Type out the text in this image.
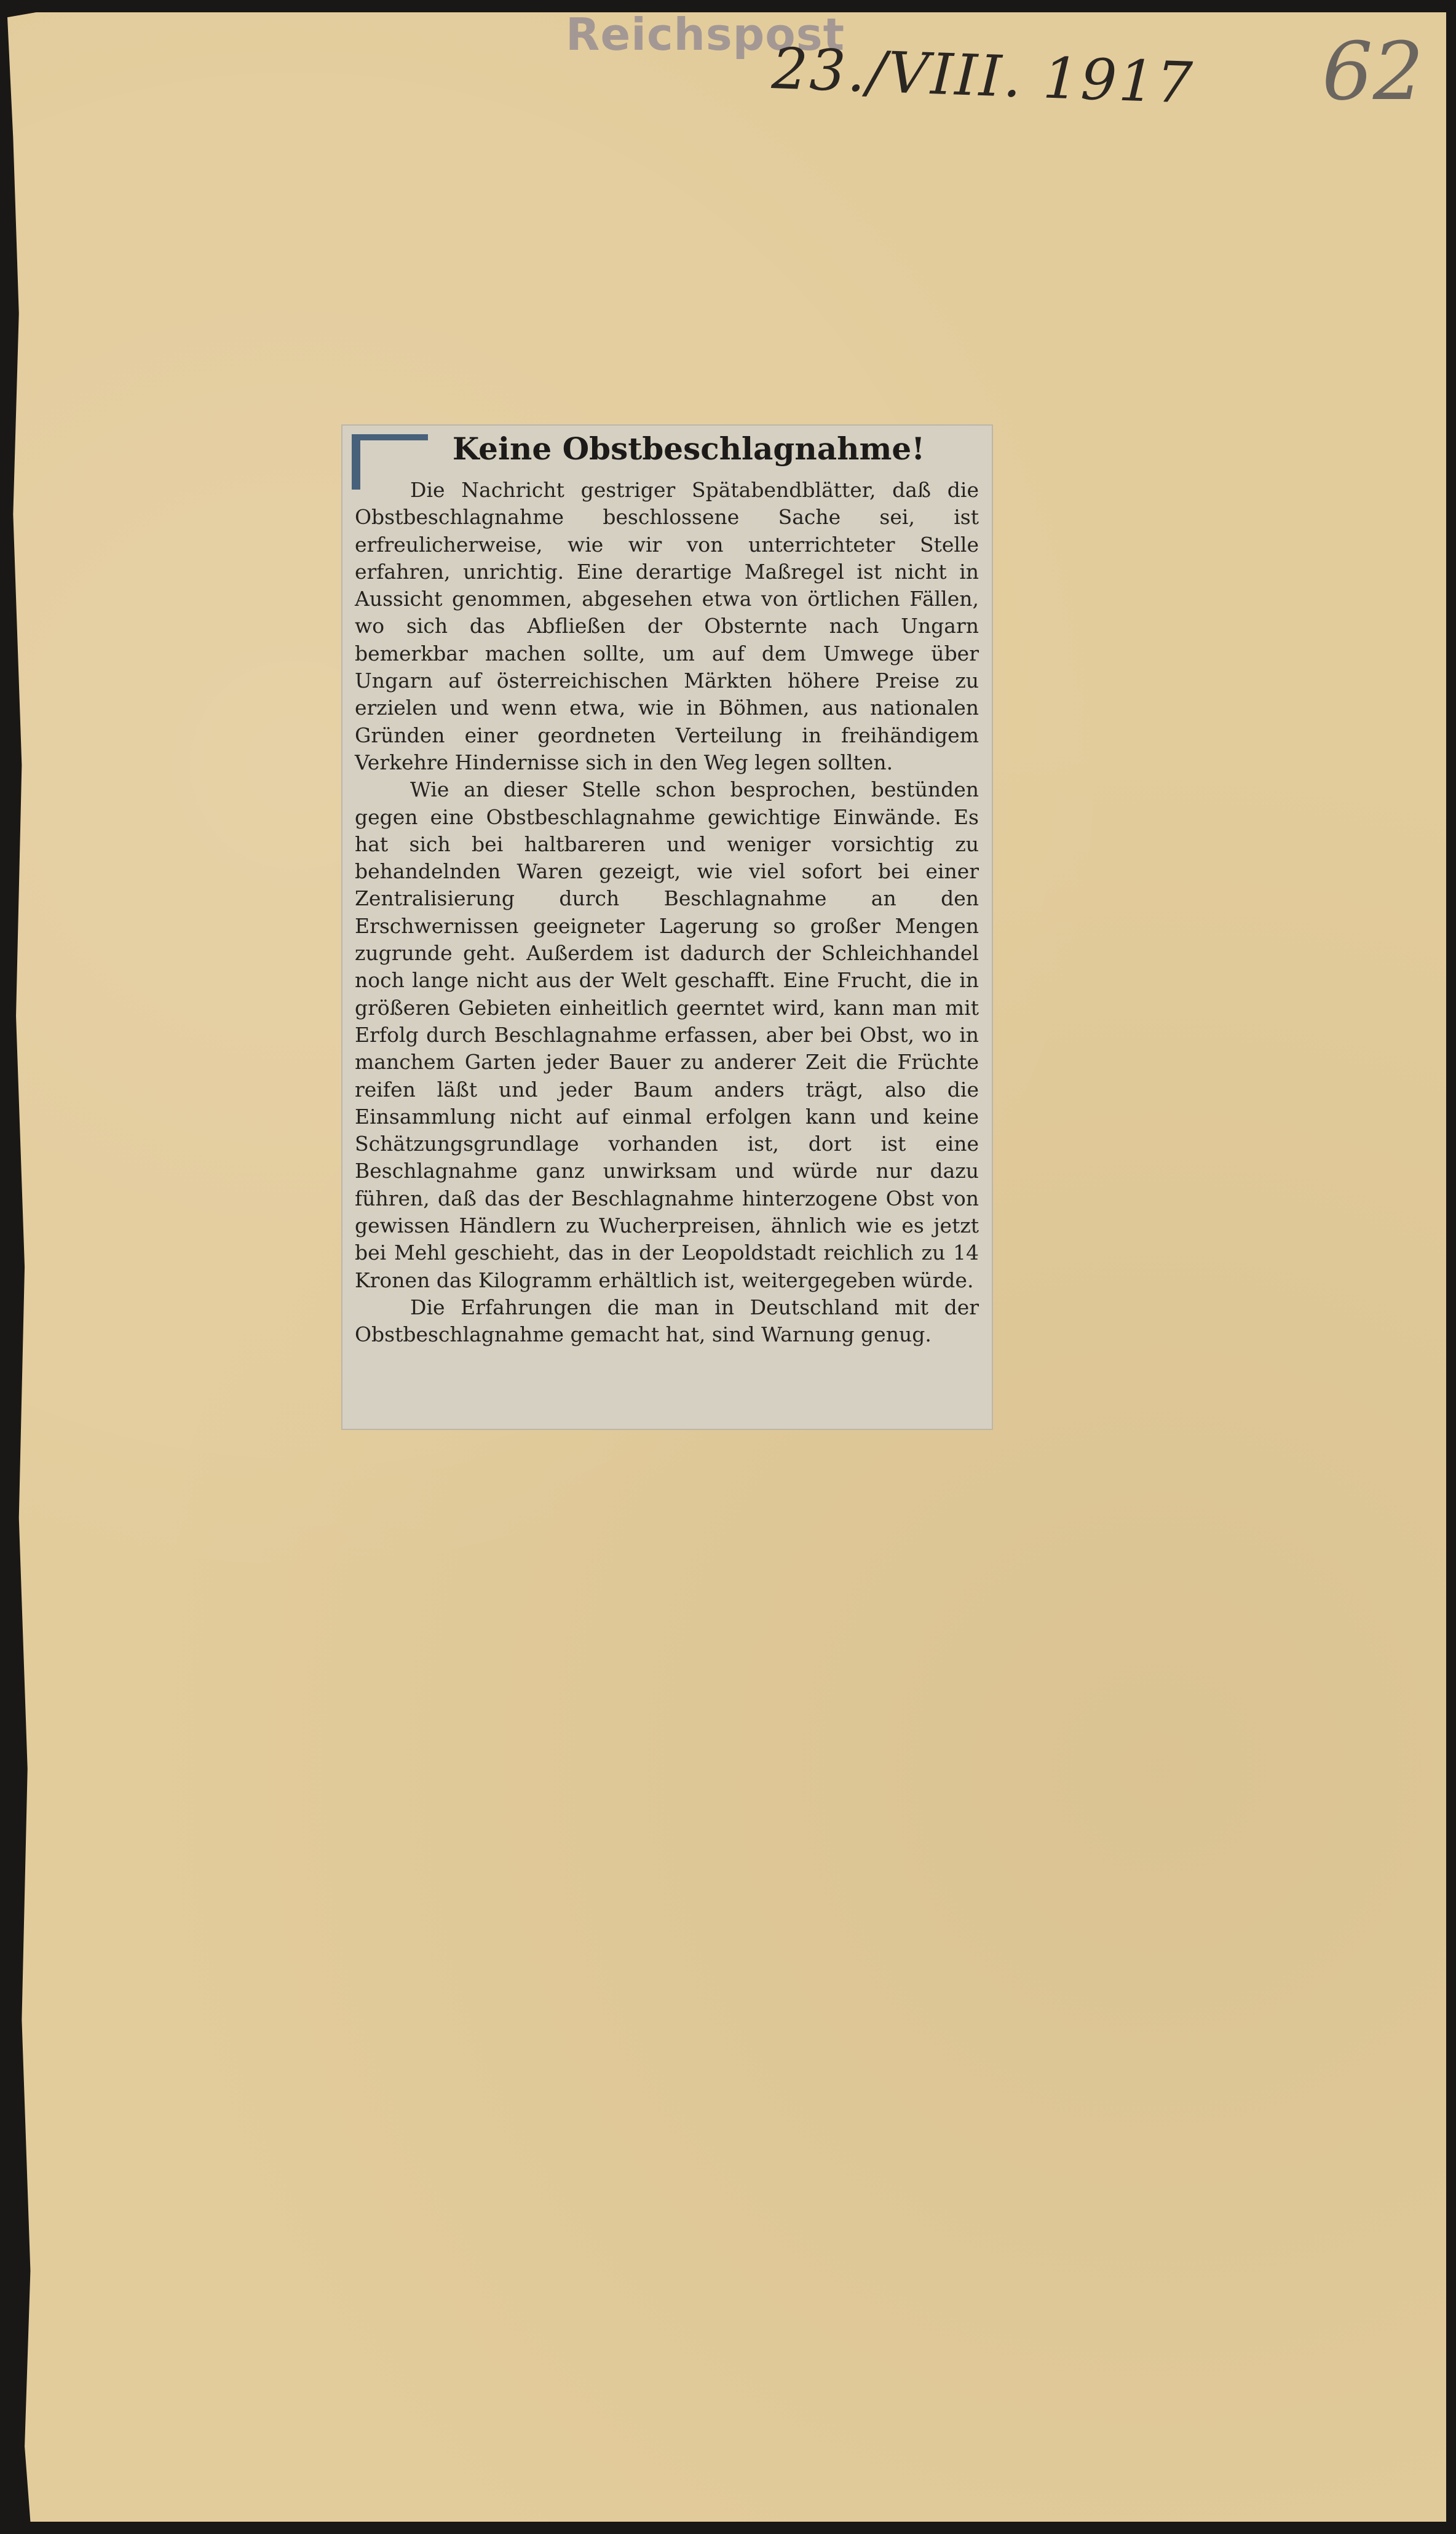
Reichspost
23./VIII. 1917 62
Keine Obstbeschlagnahme!

Die Nachricht gestriger Spätabendblätter, daß die Obstbeschlagnahme beschlossene Sache sei, ist erfreulicherweise, wie wir von unterrichteter Stelle erfahren, unrichtig. Eine derartige Maßregel ist nicht in Aussicht genommen, abgesehen etwa von örtlichen Fällen, wo sich das Abfließen der Obsternte nach Ungarn bemerkbar machen sollte, um auf dem Umwege über Ungarn auf österreichischen Märkten höhere Preise zu erzielen und wenn etwa, wie in Böhmen, aus nationalen Gründen einer geordneten Verteilung in freihändigem Verkehre Hindernisse sich in den Weg legen sollten.

Wie an dieser Stelle schon besprochen, bestünden gegen eine Obstbeschlagnahme gewichtige Einwände. Es hat sich bei haltbareren und weniger vorsichtig zu behandelnden Waren gezeigt, wie viel sofort bei einer Zentralisierung durch Beschlagnahme an den Erschwernissen geeigneter Lagerung so großer Mengen zugrunde geht. Außerdem ist dadurch der Schleichhandel noch lange nicht aus der Welt geschafft. Eine Frucht, die in größeren Gebieten einheitlich geerntet wird, kann man mit Erfolg durch Beschlagnahme erfassen, aber bei Obst, wo in manchem Garten jeder Bauer zu anderer Zeit die Früchte reifen läßt und jeder Baum anders trägt, also die Einsammlung nicht auf einmal erfolgen kann und keine Schätzungsgrundlage vorhanden ist, dort ist eine Beschlagnahme ganz unwirksam und würde nur dazu führen, daß das der Beschlagnahme hinterzogene Obst von gewissen Händlern zu Wucherpreisen, ähnlich wie es jetzt bei Mehl geschieht, das in der Leopoldstadt reichlich zu 14 Kronen das Kilogramm erhältlich ist, weitergegeben würde.

Die Erfahrungen die man in Deutschland mit der Obstbeschlagnahme gemacht hat, sind Warnung genug.
